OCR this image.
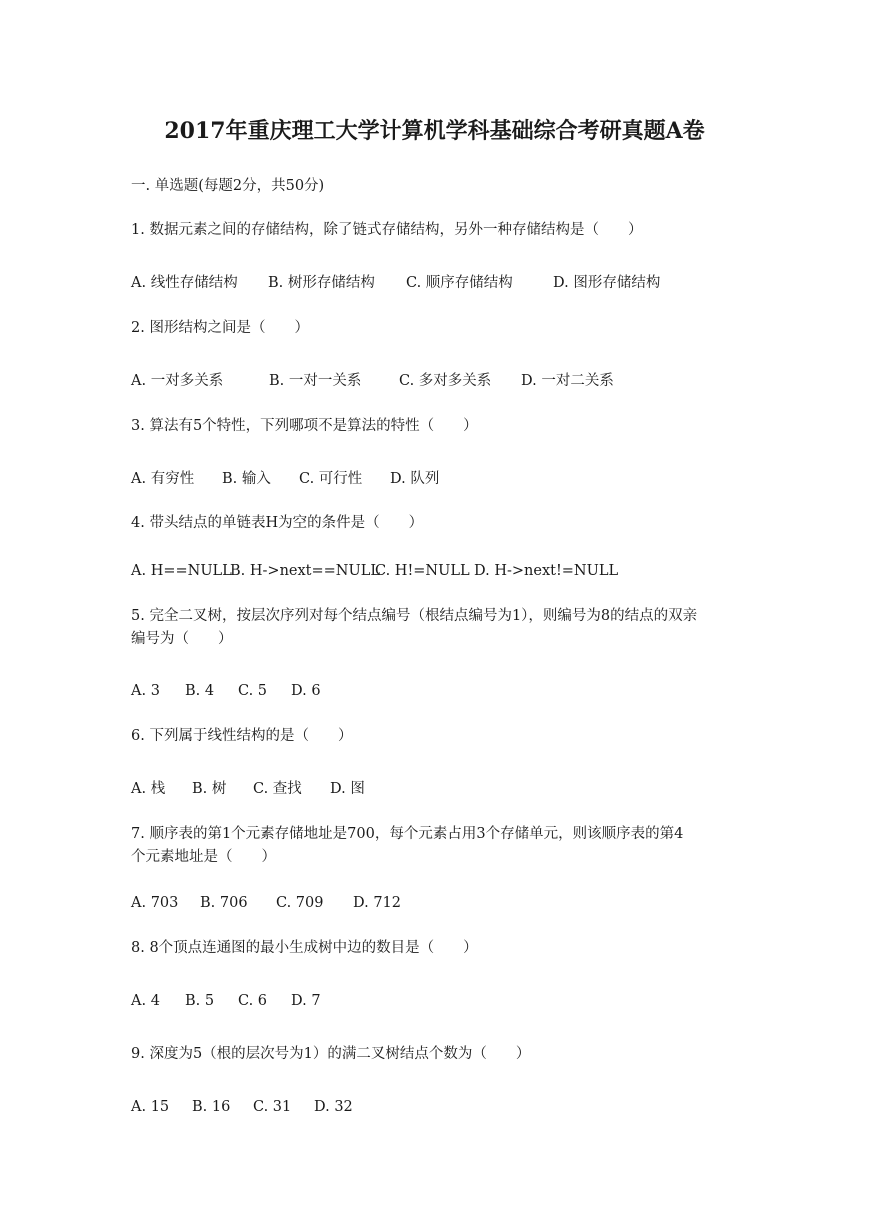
2017年重庆理工大学计算机学科基础综合考研真题A卷
一. 单选题(每题2分，共50分)
1. 数据元素之间的存储结构，除了链式存储结构，另外一种存储结构是（　　）
A. 线性存储结构 B. 树形存储结构 C. 顺序存储结构	D. 图形存储结构
2. 图形结构之间是（　　）
A. 一对多关系	B. 一对一关系	C. 多对多关系 D. 一对二关系
3. 算法有5个特性，下列哪项不是算法的特性（　　）
A. 有穷性 B. 输入 C. 可行性 D. 队列
4. 带头结点的单链表H为空的条件是（　　）
A. H==NULLB. H->next==NULLC. H!=NULL D. H->next!=NULL
5. 完全二叉树，按层次序列对每个结点编号（根结点编号为1），则编号为8的结点的双亲
编号为（　　）
A. 3 B. 4 C. 5 D. 6
6. 下列属于线性结构的是（　　）
A. 栈 B. 树 C. 查找 D. 图
7. 顺序表的第1个元素存储地址是700，每个元素占用3个存储单元，则该顺序表的第4
个元素地址是（　　）
A. 703 B. 706 C. 709 D. 712
8. 8个顶点连通图的最小生成树中边的数目是（　　）
A. 4 B. 5 C. 6 D. 7
9. 深度为5（根的层次号为1）的满二叉树结点个数为（　　）
A. 15 B. 16 C. 31 D. 32
